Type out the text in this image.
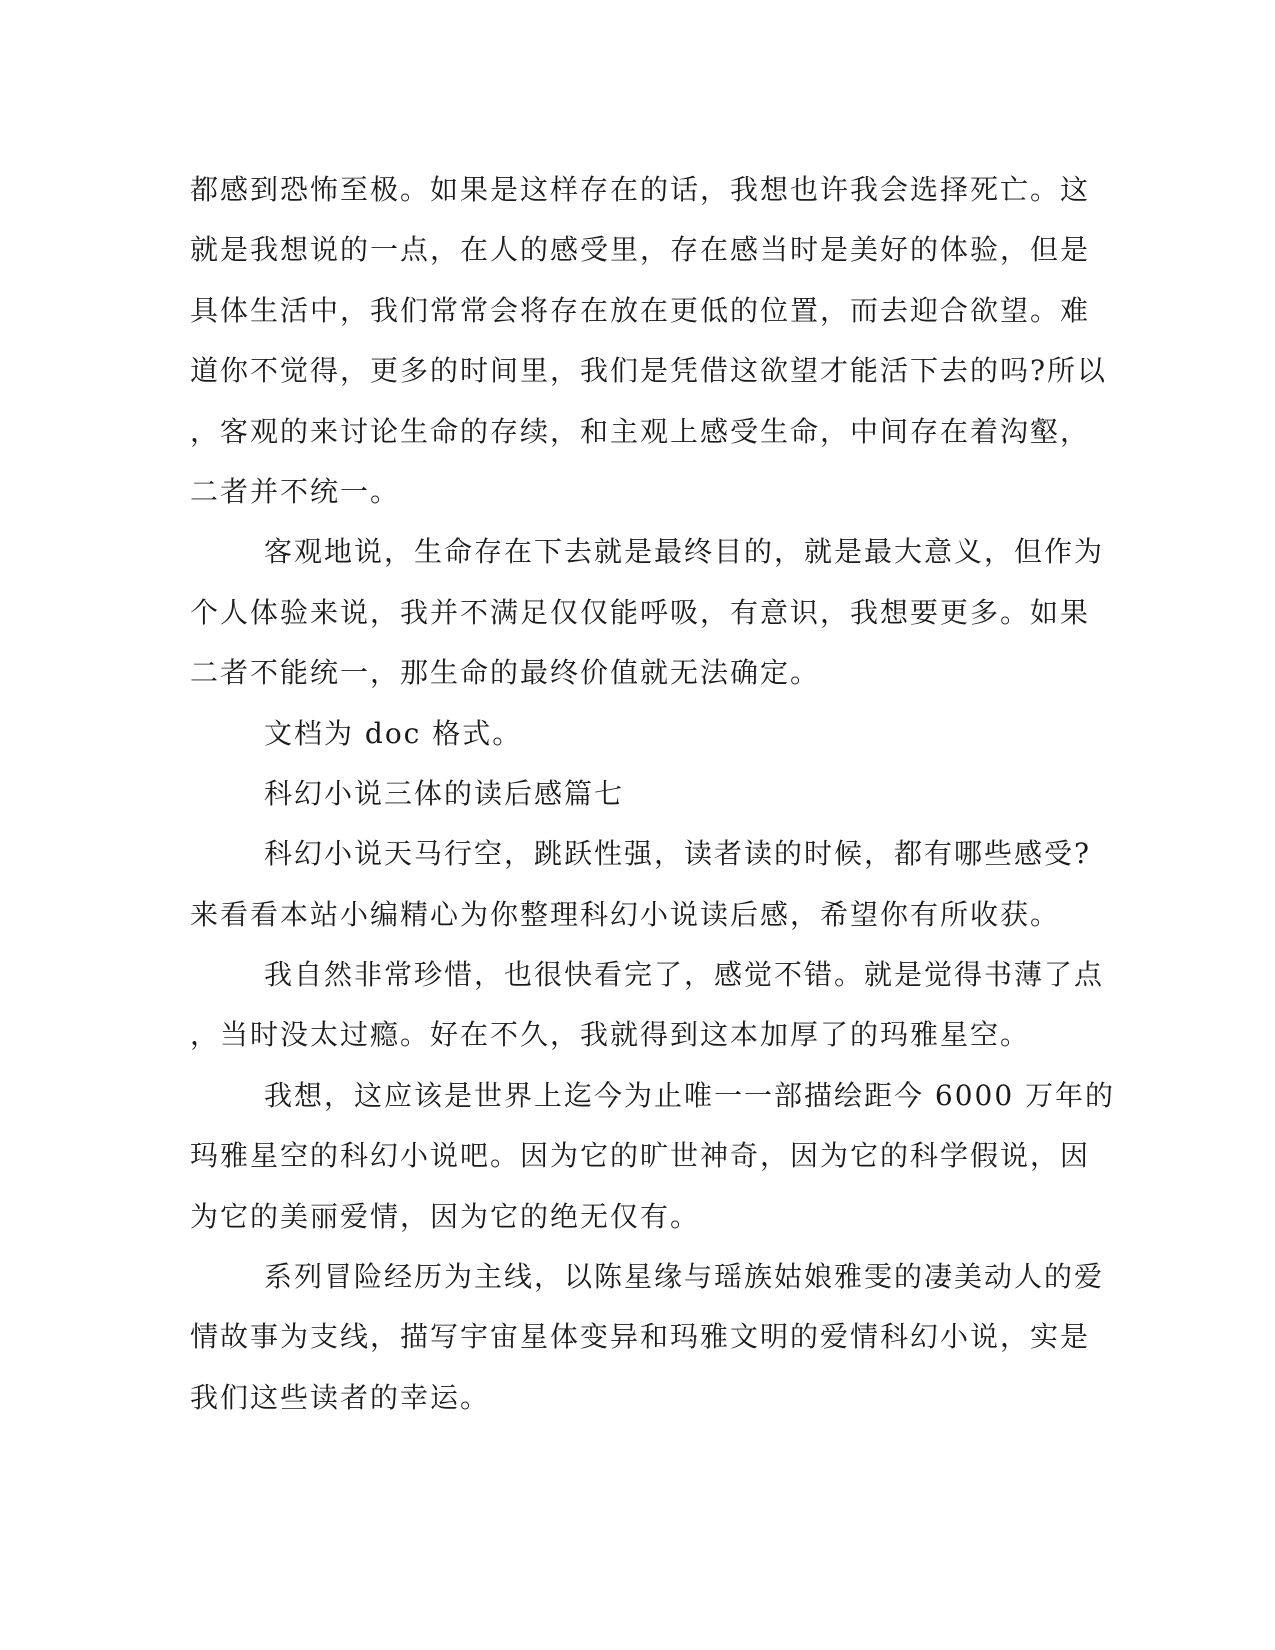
都感到恐怖至极。如果是这样存在的话，我想也许我会选择死亡。这
就是我想说的一点，在人的感受里，存在感当时是美好的体验，但是
具体生活中，我们常常会将存在放在更低的位置，而去迎合欲望。难
道你不觉得，更多的时间里，我们是凭借这欲望才能活下去的吗?所以
，客观的来讨论生命的存续，和主观上感受生命，中间存在着沟壑，
二者并不统一。
客观地说，生命存在下去就是最终目的，就是最大意义，但作为
个人体验来说，我并不满足仅仅能呼吸，有意识，我想要更多。如果
二者不能统一，那生命的最终价值就无法确定。
文档为 doc 格式。
科幻小说三体的读后感篇七
科幻小说天马行空，跳跃性强，读者读的时候，都有哪些感受?
来看看本站小编精心为你整理科幻小说读后感，希望你有所收获。
我自然非常珍惜，也很快看完了，感觉不错。就是觉得书薄了点
，当时没太过瘾。好在不久，我就得到这本加厚了的玛雅星空。
我想，这应该是世界上迄今为止唯一一部描绘距今 6000 万年的
玛雅星空的科幻小说吧。因为它的旷世神奇，因为它的科学假说，因
为它的美丽爱情，因为它的绝无仅有。
系列冒险经历为主线，以陈星缘与瑶族姑娘雅雯的凄美动人的爱
情故事为支线，描写宇宙星体变异和玛雅文明的爱情科幻小说，实是
我们这些读者的幸运。
